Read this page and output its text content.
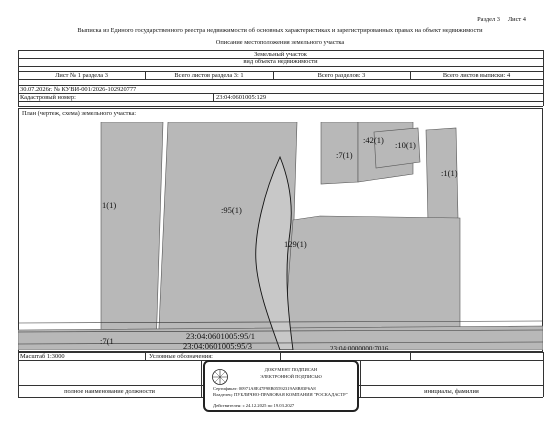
Раздел 3 Лист 4
Выписка из Единого государственного реестра недвижимости об основных характеристиках и зарегистрированных правах на объект недвижимости
Описание местоположения земельного участка
Земельный участок
вид объекта недвижимости
Лист № 1 раздела 3	Всего листов раздела 3: 1	Всего разделов: 3	Всего листов выписки: 4
30.07.2026г. № КУВИ-001/2026-102920777
Кадастровый номер:	23:04:0601005:129
План (чертеж, схема) земельного участка:
1(1)	:95(1)
129(1)
:42(1) :10(1)
:7(1)
:1(1)
:7(1	23:04:0601005:95/1
23:04:0601005:95/3	23:04:0000000:7016
Масштаб 1:3000	Условные обозначения:
полное наименование должности	инициалы, фамилия
ДОКУМЕНТ ПОДПИСАН
ЭЛЕКТРОННОЙ ПОДПИСЬЮ
Сертификат: 00971A8E47F98B05592319A8B83F6A8
Владелец: ПУБЛИЧНО-ПРАВОВАЯ КОМПАНИЯ "РОСКАДАСТР"
Действителен: с 24.12.2025 по 19.03.2027
